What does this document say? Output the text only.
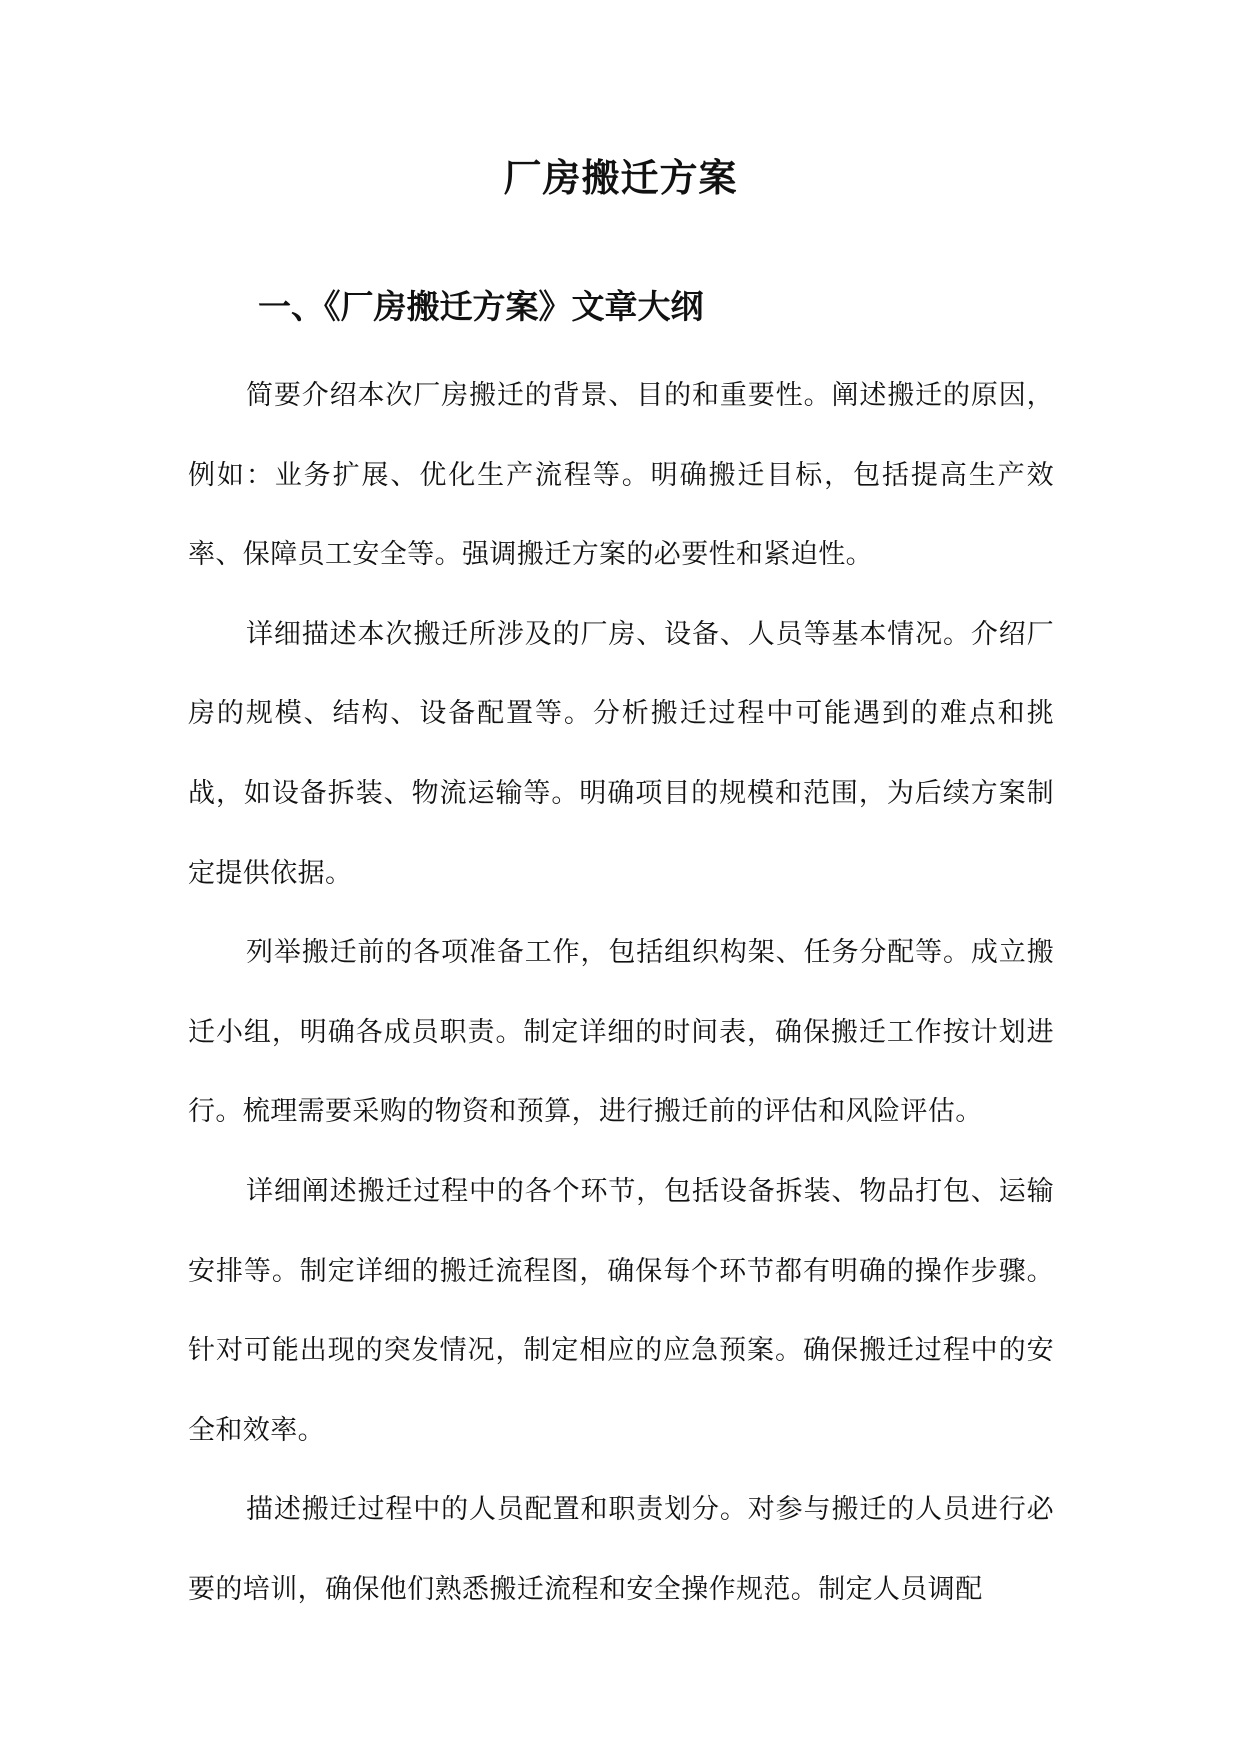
厂房搬迁方案
一、《厂房搬迁方案》文章大纲

简要介绍本次厂房搬迁的背景、目的和重要性。阐述搬迁的原因，例如：业务扩展、优化生产流程等。明确搬迁目标，包括提高生产效率、保障员工安全等。强调搬迁方案的必要性和紧迫性。

详细描述本次搬迁所涉及的厂房、设备、人员等基本情况。介绍厂房的规模、结构、设备配置等。分析搬迁过程中可能遇到的难点和挑战，如设备拆装、物流运输等。明确项目的规模和范围，为后续方案制定提供依据。

列举搬迁前的各项准备工作，包括组织构架、任务分配等。成立搬迁小组，明确各成员职责。制定详细的时间表，确保搬迁工作按计划进行。梳理需要采购的物资和预算，进行搬迁前的评估和风险评估。

详细阐述搬迁过程中的各个环节，包括设备拆装、物品打包、运输安排等。制定详细的搬迁流程图，确保每个环节都有明确的操作步骤。针对可能出现的突发情况，制定相应的应急预案。确保搬迁过程中的安全和效率。

描述搬迁过程中的人员配置和职责划分。对参与搬迁的人员进行必要的培训，确保他们熟悉搬迁流程和安全操作规范。制定人员调配
